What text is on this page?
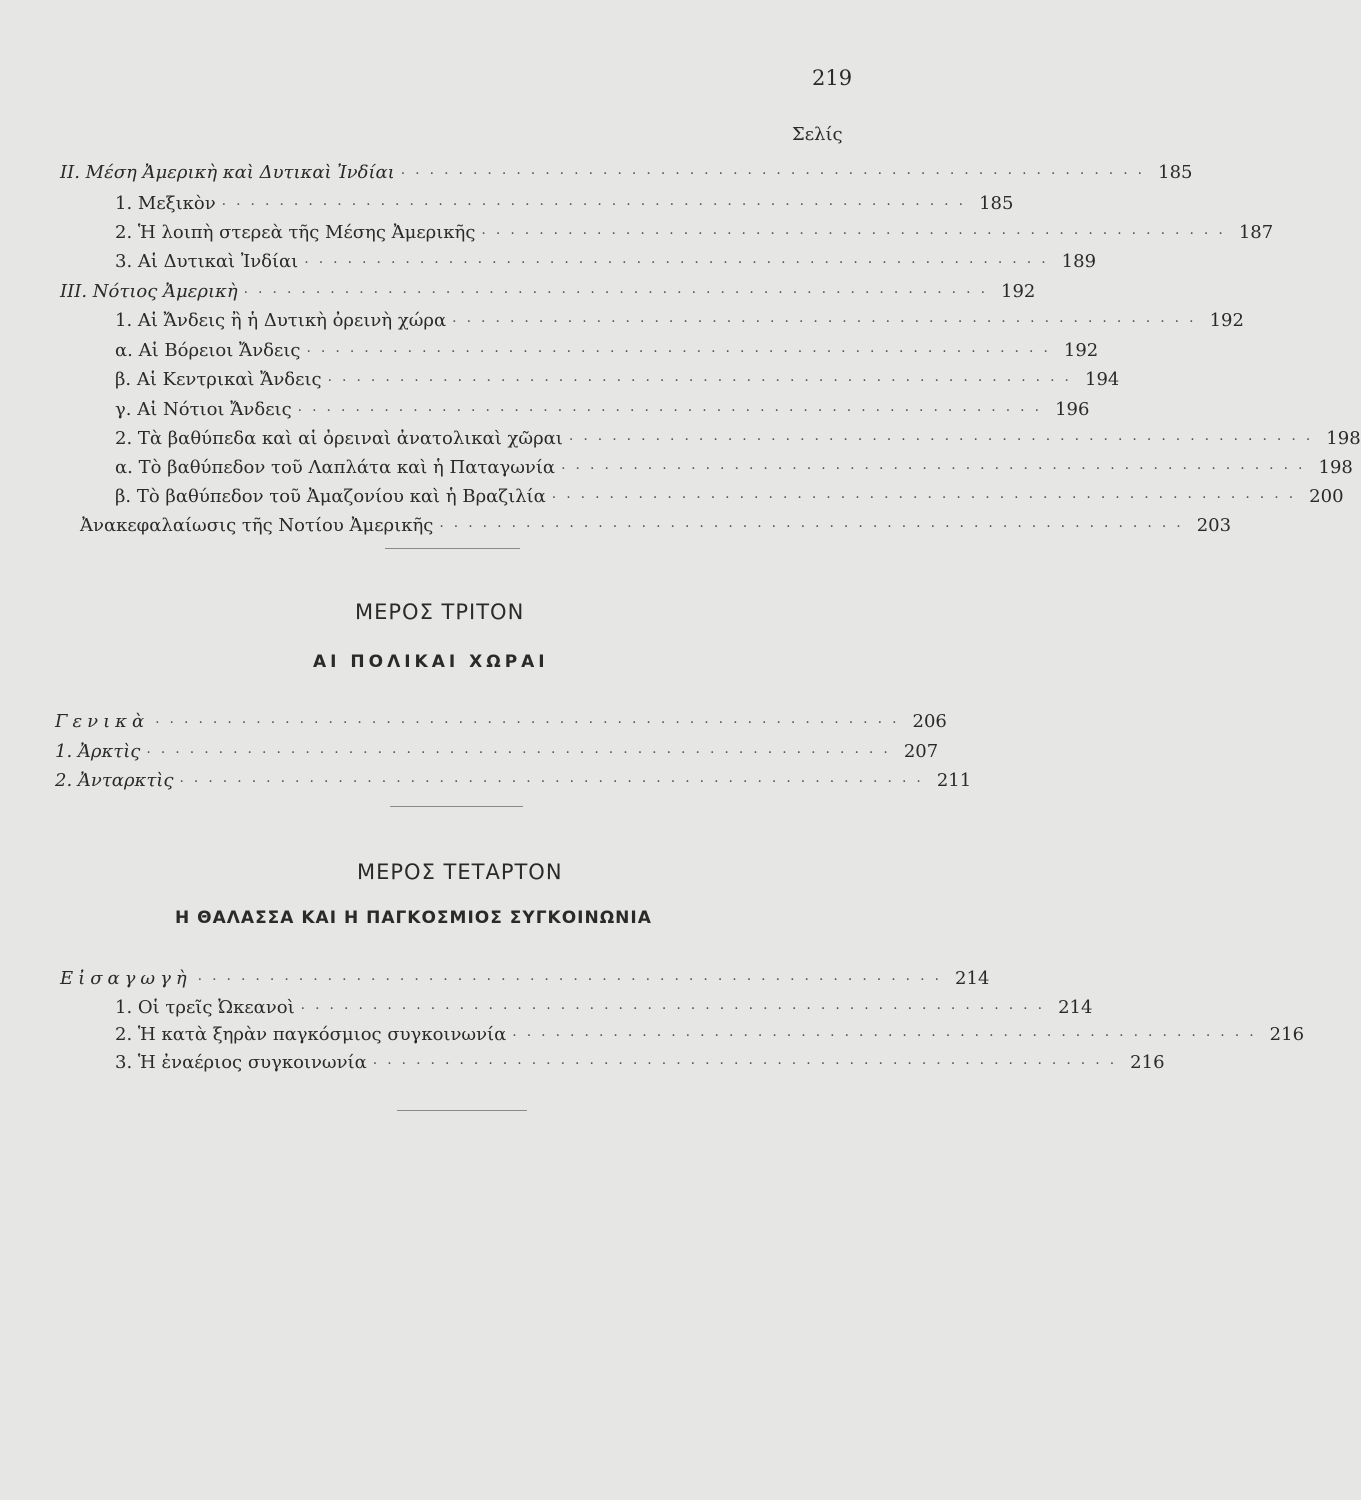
219
Σελίς
ΙΙ. Μέση Ἀμερικὴ καὶ Δυτικαὶ Ἰνδίαι ···················································· 185
1. Μεξικὸν ···················································· 185
2. Ἡ λοιπὴ στερεὰ τῆς Μέσης Ἀμερικῆς ···················································· 187
3. Αἱ Δυτικαὶ Ἰνδίαι ···················································· 189
ΙΙΙ. Νότιος Ἀμερικὴ ···················································· 192
1. Αἱ Ἄνδεις ἢ ἡ Δυτικὴ ὀρεινὴ χώρα ···················································· 192
α. Αἱ Βόρειοι Ἄνδεις ···················································· 192
β. Αἱ Κεντρικαὶ Ἄνδεις ···················································· 194
γ. Αἱ Νότιοι Ἄνδεις ···················································· 196
2. Τὰ βαθύπεδα καὶ αἱ ὀρειναὶ ἀνατολικαὶ χῶραι ···················································· 198
α. Τὸ βαθύπεδον τοῦ Λαπλάτα καὶ ἡ Παταγωνία ···················································· 198
β. Τὸ βαθύπεδον τοῦ Ἀμαζονίου καὶ ἡ Βραζιλία ···················································· 200
Ἀνακεφαλαίωσις τῆς Νοτίου Ἀμερικῆς ···················································· 203
ΜΕΡΟΣ ΤΡΙΤΟΝ
ΑΙ ΠΟΛΙΚΑΙ ΧΩΡΑΙ
Γενικὰ ···················································· 206
1. Ἀρκτὶς ···················································· 207
2. Ἀνταρκτὶς ···················································· 211
ΜΕΡΟΣ ΤΕΤΑΡΤΟΝ
Η ΘΑΛΑΣΣΑ ΚΑΙ Η ΠΑΓΚΟΣΜΙΟΣ ΣΥΓΚΟΙΝΩΝΙΑ
Εἰσαγωγὴ ···················································· 214
1. Οἱ τρεῖς Ὠκεανοὶ ···················································· 214
2. Ἡ κατὰ ξηρὰν παγκόσμιος συγκοινωνία ···················································· 216
3. Ἡ ἐναέριος συγκοινωνία ···················································· 216
